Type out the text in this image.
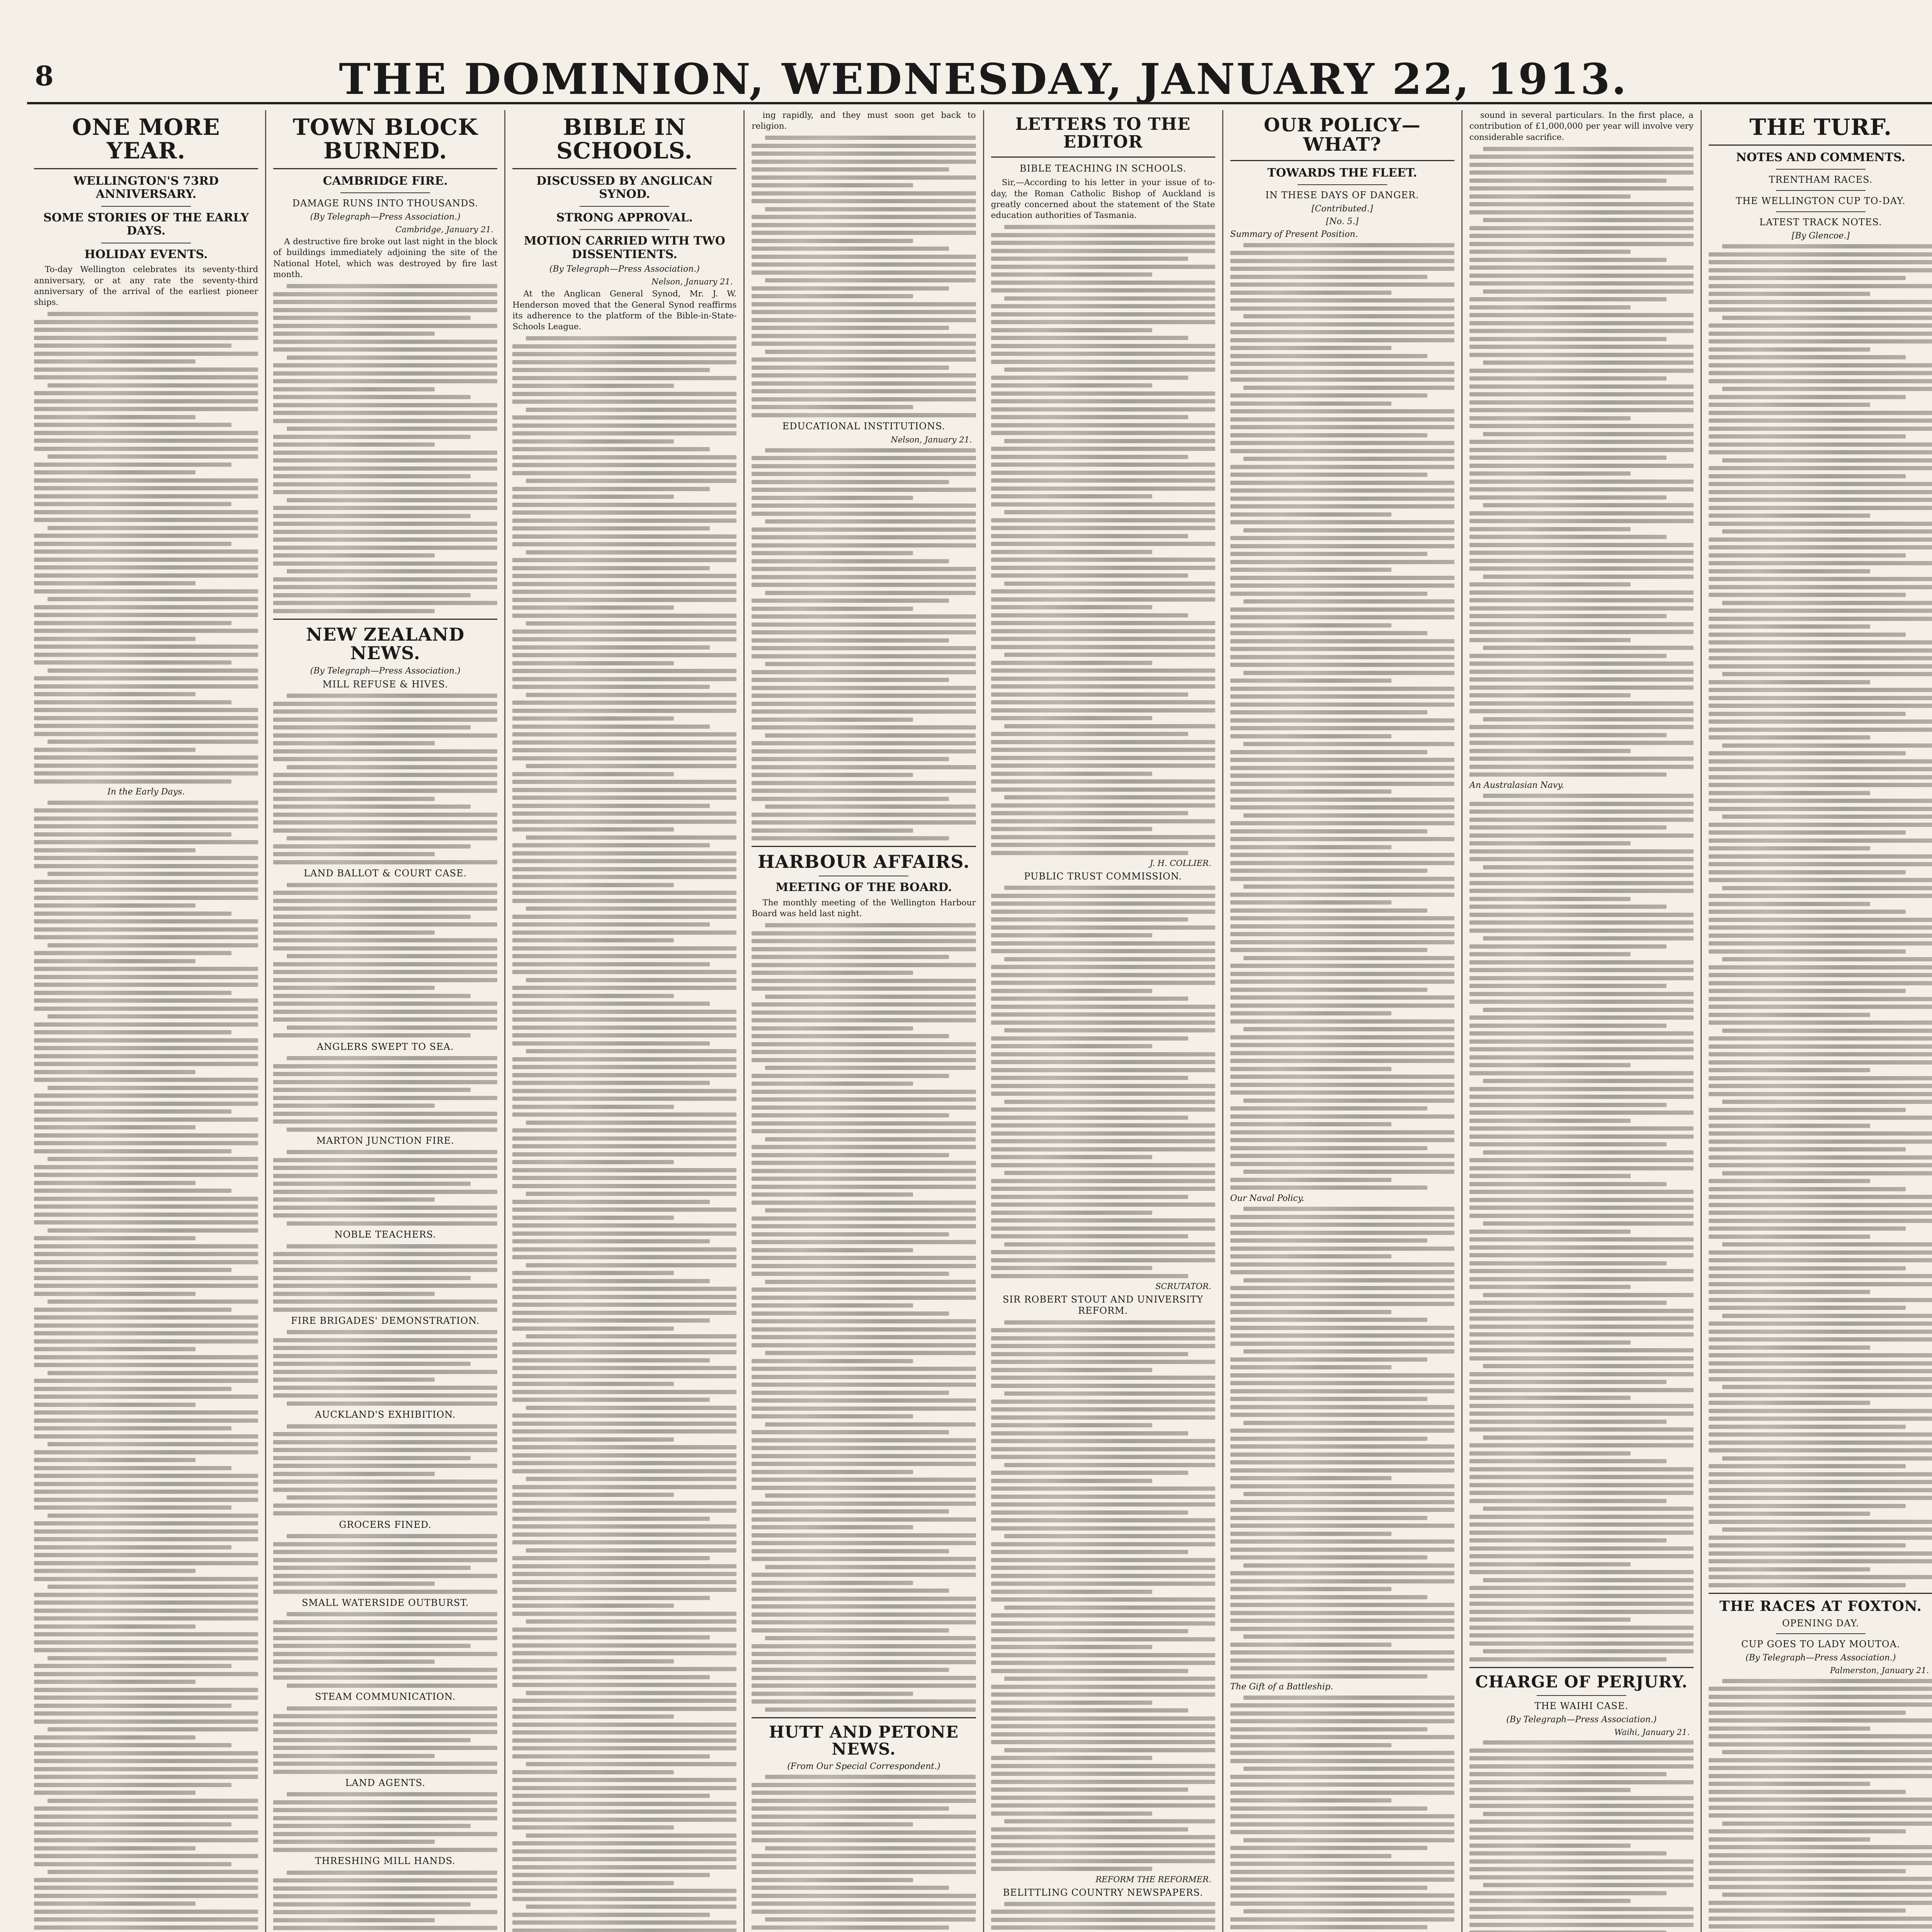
8	THE DOMINION, WEDNESDAY, JANUARY 22, 1913.
ONE MORE YEAR.
WELLINGTON'S 73RD ANNIVERSARY.
SOME STORIES OF THE EARLY DAYS.
HOLIDAY EVENTS.
To-day Wellington celebrates its seventy-third anniversary, or at any rate the seventy-third anniversary of the arrival of the earliest pioneer ships.
In the Early Days.
TOWN BLOCK BURNED.
CAMBRIDGE FIRE.
DAMAGE RUNS INTO THOUSANDS.
(By Telegraph—Press Association.)
Cambridge, January 21.
A destructive fire broke out last night in the block of buildings immediately adjoining the site of the National Hotel, which was destroyed by fire last month.
NEW ZEALAND NEWS.
(By Telegraph—Press Association.)
MILL REFUSE & HIVES.
LAND BALLOT & COURT CASE.
ANGLERS SWEPT TO SEA.
MARTON JUNCTION FIRE.
NOBLE TEACHERS.
FIRE BRIGADES' DEMONSTRATION.
AUCKLAND'S EXHIBITION.
GROCERS FINED.
SMALL WATERSIDE OUTBURST.
STEAM COMMUNICATION.
LAND AGENTS.
THRESHING MILL HANDS.
BIBLE IN SCHOOLS.
DISCUSSED BY ANGLICAN SYNOD.
STRONG APPROVAL.
MOTION CARRIED WITH TWO DISSENTIENTS.
(By Telegraph—Press Association.)
Nelson, January 21.
At the Anglican General Synod, Mr. J. W. Henderson moved that the General Synod reaffirms its adherence to the platform of the Bible-in-State-Schools League.
ing rapidly, and they must soon get back to religion.
EDUCATIONAL INSTITUTIONS.
Nelson, January 21.
HARBOUR AFFAIRS.
MEETING OF THE BOARD.
The monthly meeting of the Wellington Harbour Board was held last night.
HUTT AND PETONE NEWS.
(From Our Special Correspondent.)
LETTERS TO THE EDITOR
BIBLE TEACHING IN SCHOOLS.
Sir,—According to his letter in your issue of to-day, the Roman Catholic Bishop of Auckland is greatly concerned about the statement of the State education authorities of Tasmania.
J. H. COLLIER.
PUBLIC TRUST COMMISSION.
SCRUTATOR.
SIR ROBERT STOUT AND UNIVERSITY REFORM.
REFORM THE REFORMER.
BELITTLING COUNTRY NEWSPAPERS.
OUR POLICY—WHAT?
TOWARDS THE FLEET.
IN THESE DAYS OF DANGER.
[Contributed.]
[No. 5.]
Summary of Present Position.
Our Naval Policy.
The Gift of a Battleship.
sound in several particulars. In the first place, a contribution of £1,000,000 per year will involve very considerable sacrifice.
An Australasian Navy.
CHARGE OF PERJURY.
THE WAIHI CASE.
(By Telegraph—Press Association.)
Waihi, January 21.
THE TURF.
NOTES AND COMMENTS.
TRENTHAM RACES.
THE WELLINGTON CUP TO-DAY.
LATEST TRACK NOTES.
[By Glencoe.]
THE RACES AT FOXTON.
OPENING DAY.
CUP GOES TO LADY MOUTOA.
(By Telegraph—Press Association.)
Palmerston, January 21.
